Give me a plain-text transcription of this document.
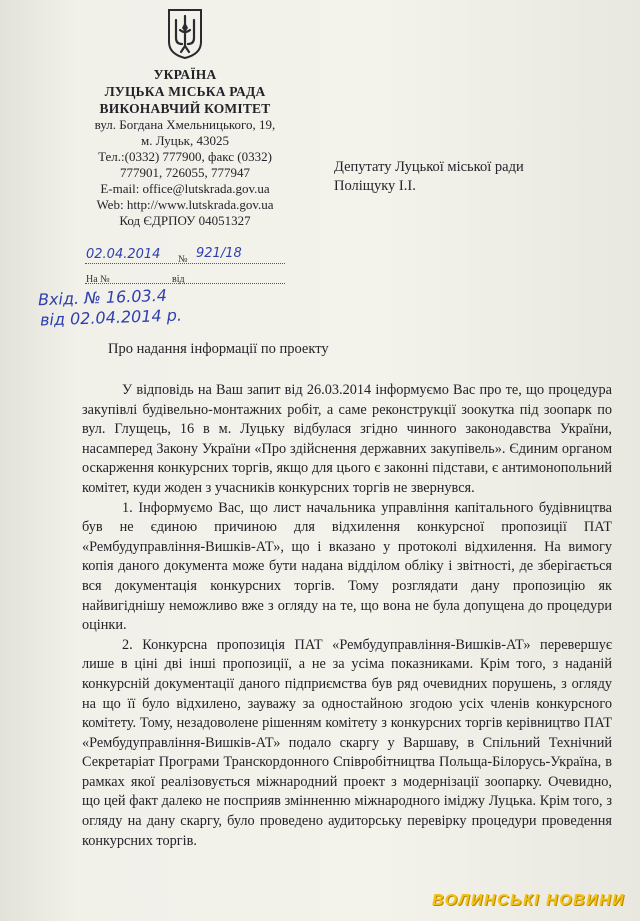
УКРАЇНА
ЛУЦЬКА МІСЬКА РАДА
ВИКОНАВЧИЙ КОМІТЕТ
вул. Богдана Хмельницького, 19,
м. Луцьк, 43025
Тел.:(0332) 777900, факс (0332)
777901, 726055, 777947
E-mail: office@lutskrada.gov.ua
Web: http://www.lutskrada.gov.ua
Код ЄДРПОУ 04051327
02.04.2014 № 921/18
На №	від
Вхід. № 16.03.4
від 02.04.2014 р.
Депутату Луцької міської ради
Поліщуку І.І.
Про надання інформації по проекту

У відповідь на Ваш запит від 26.03.2014 інформуємо Вас про те, що процедура закупівлі будівельно-монтажних робіт, а саме реконструкції зоокутка під зоопарк по вул. Глущець, 16 в м. Луцьку відбулася згідно чинного законодавства України, насамперед Закону України «Про здійснення державних закупівель». Єдиним органом оскарження конкурсних торгів, якщо для цього є законні підстави, є антимонопольний комітет, куди жоден з учасників конкурсних торгів не звернувся.

1. Інформуємо Вас, що лист начальника управління капітального будівництва був не єдиною причиною для відхилення конкурсної пропозиції ПАТ «Рембудуправління-Вишків-АТ», що і вказано у протоколі відхилення. На вимогу копія даного документа може бути надана відділом обліку і звітності, де зберігається вся документація конкурсних торгів. Тому розглядати дану пропозицію як найвигіднішу неможливо вже з огляду на те, що вона не була допущена до процедури оцінки.

2. Конкурсна пропозиція ПАТ «Рембудуправління-Вишків-АТ» перевершує лише в ціні дві інші пропозиції, а не за усіма показниками. Крім того, з наданій конкурсній документації даного підприємства був ряд очевидних порушень, з огляду на що її було відхилено, зауважу за одностайною згодою усіх членів конкурсного комітету. Тому, незадоволене рішенням комітету з конкурсних торгів керівництво ПАТ «Рембудуправління-Вишків-АТ» подало скаргу у Варшаву, в Спільний Технічний Секретаріат Програми Транскордонного Співробітництва Польща-Білорусь-Україна, в рамках якої реалізовується міжнародний проект з модернізації зоопарку. Очевидно, що цей факт далеко не посприяв змінненню міжнародного іміджу Луцька. Крім того, з огляду на дану скаргу, було проведено аудиторську перевірку процедури проведення конкурсних торгів.

ВОЛИНСЬКІ НОВИНИ
